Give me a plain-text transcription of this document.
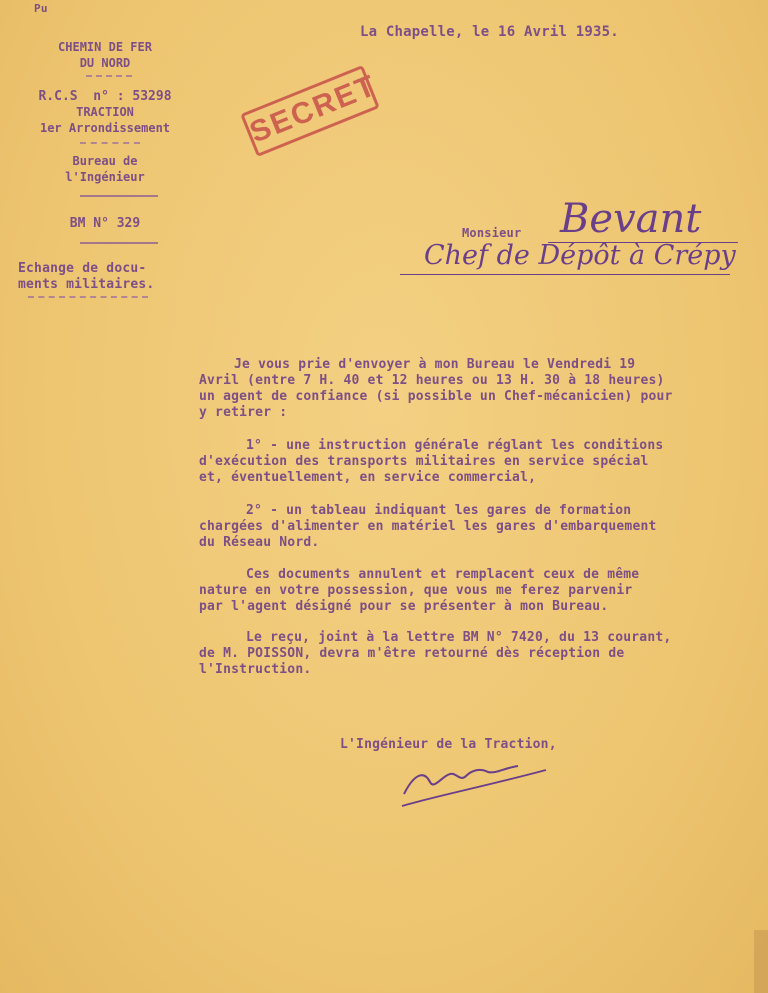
Pu
CHEMIN DE FER
DU NORD
R.C.S  n° : 53298
TRACTION
1er Arrondissement
Bureau de
l'Ingénieur
BM N° 329
Echange de docu-
ments militaires.
La Chapelle, le 16 Avril 1935.
SECRET
Monsieur Bevant
Chef de Dépôt à Crépy
Je vous prie d'envoyer à mon Bureau le Vendredi 19
Avril (entre 7 H. 40 et 12 heures ou 13 H. 30 à 18 heures)
un agent de confiance (si possible un Chef-mécanicien) pour
y retirer :
1° - une instruction générale réglant les conditions
d'exécution des transports militaires en service spécial
et, éventuellement, en service commercial,
2° - un tableau indiquant les gares de formation
chargées d'alimenter en matériel les gares d'embarquement
du Réseau Nord.
Ces documents annulent et remplacent ceux de même
nature en votre possession, que vous me ferez parvenir
par l'agent désigné pour se présenter à mon Bureau.
Le reçu, joint à la lettre BM N° 7420, du 13 courant,
de M. POISSON, devra m'être retourné dès réception de
l'Instruction.
L'Ingénieur de la Traction,
